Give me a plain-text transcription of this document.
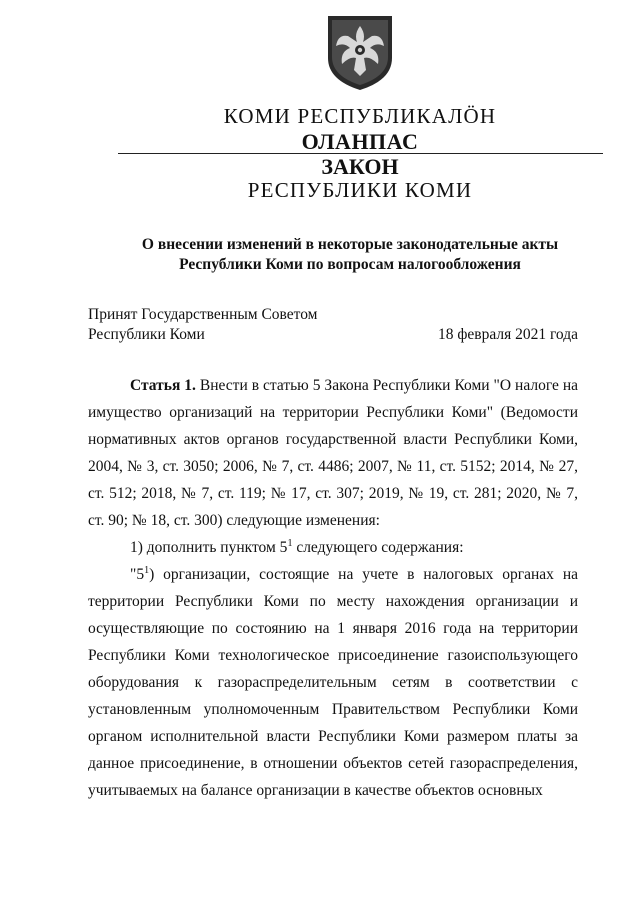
КОМИ РЕСПУБЛИКАЛÖН
ОЛАНПАС
ЗАКОН
РЕСПУБЛИКИ КОМИ
О внесении изменений в некоторые законодательные акты
Республики Коми по вопросам налогообложения
Принят Государственным Советом
Республики Коми	18 февраля 2021 года

Статья 1. Внести в статью 5 Закона Республики Коми "О налоге на имущество организаций на территории Республики Коми" (Ведомости нормативных актов органов государственной власти Республики Коми, 2004, № 3, ст. 3050; 2006, № 7, ст. 4486; 2007, № 11, ст. 5152; 2014, № 27, ст. 512; 2018, № 7, ст. 119; № 17, ст. 307; 2019, № 19, ст. 281; 2020, № 7, ст. 90; № 18, ст. 300) следующие изменения:

1) дополнить пунктом $5^1$ следующего содержания:

"$5^1$) организации, состоящие на учете в налоговых органах на территории Республики Коми по месту нахождения организации и осуществляющие по состоянию на 1 января 2016 года на территории Республики Коми технологическое присоединение газоиспользующего оборудования к газораспределительным сетям в соответствии с установленным уполномоченным Правительством Республики Коми органом исполнительной власти Республики Коми размером платы за данное присоединение, в отношении объектов сетей газораспределения, учитываемых на балансе организации в качестве объектов основных
